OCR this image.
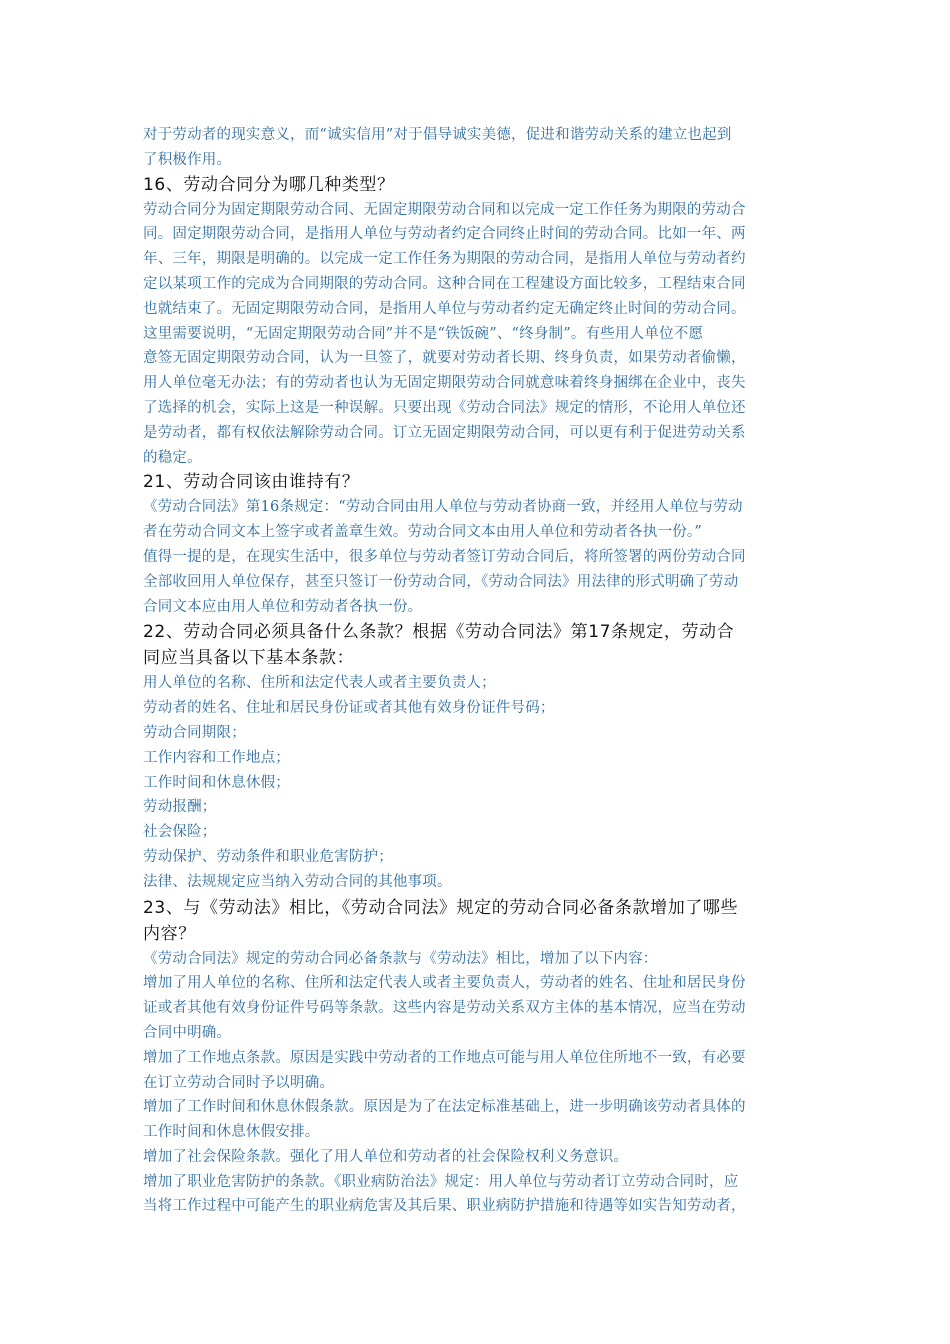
对于劳动者的现实意义，而“诚实信用”对于倡导诚实美德，促进和谐劳动关系的建立也起到
了积极作用。
16、劳动合同分为哪几种类型？
劳动合同分为固定期限劳动合同、无固定期限劳动合同和以完成一定工作任务为期限的劳动合
同。固定期限劳动合同，是指用人单位与劳动者约定合同终止时间的劳动合同。比如一年、两
年、三年，期限是明确的。以完成一定工作任务为期限的劳动合同，是指用人单位与劳动者约
定以某项工作的完成为合同期限的劳动合同。这种合同在工程建设方面比较多，工程结束合同
也就结束了。无固定期限劳动合同，是指用人单位与劳动者约定无确定终止时间的劳动合同。
这里需要说明，“无固定期限劳动合同”并不是“铁饭碗”、“终身制”。有些用人单位不愿
意签无固定期限劳动合同，认为一旦签了，就要对劳动者长期、终身负责，如果劳动者偷懒，
用人单位毫无办法；有的劳动者也认为无固定期限劳动合同就意味着终身捆绑在企业中，丧失
了选择的机会，实际上这是一种误解。只要出现《劳动合同法》规定的情形，不论用人单位还
是劳动者，都有权依法解除劳动合同。订立无固定期限劳动合同，可以更有利于促进劳动关系
的稳定。
21、劳动合同该由谁持有？
《劳动合同法》第16条规定：“劳动合同由用人单位与劳动者协商一致，并经用人单位与劳动
者在劳动合同文本上签字或者盖章生效。劳动合同文本由用人单位和劳动者各执一份。”
值得一提的是，在现实生活中，很多单位与劳动者签订劳动合同后，将所签署的两份劳动合同
全部收回用人单位保存，甚至只签订一份劳动合同，《劳动合同法》用法律的形式明确了劳动
合同文本应由用人单位和劳动者各执一份。
22、劳动合同必须具备什么条款？根据《劳动合同法》第17条规定，劳动合
同应当具备以下基本条款：
用人单位的名称、住所和法定代表人或者主要负责人；
劳动者的姓名、住址和居民身份证或者其他有效身份证件号码；
劳动合同期限；
工作内容和工作地点；
工作时间和休息休假；
劳动报酬；
社会保险；
劳动保护、劳动条件和职业危害防护；
法律、法规规定应当纳入劳动合同的其他事项。
23、与《劳动法》相比，《劳动合同法》规定的劳动合同必备条款增加了哪些
内容？
《劳动合同法》规定的劳动合同必备条款与《劳动法》相比，增加了以下内容：
增加了用人单位的名称、住所和法定代表人或者主要负责人，劳动者的姓名、住址和居民身份
证或者其他有效身份证件号码等条款。这些内容是劳动关系双方主体的基本情况，应当在劳动
合同中明确。
增加了工作地点条款。原因是实践中劳动者的工作地点可能与用人单位住所地不一致，有必要
在订立劳动合同时予以明确。
增加了工作时间和休息休假条款。原因是为了在法定标准基础上，进一步明确该劳动者具体的
工作时间和休息休假安排。
增加了社会保险条款。强化了用人单位和劳动者的社会保险权利义务意识。
增加了职业危害防护的条款。《职业病防治法》规定：用人单位与劳动者订立劳动合同时，应
当将工作过程中可能产生的职业病危害及其后果、职业病防护措施和待遇等如实告知劳动者，
